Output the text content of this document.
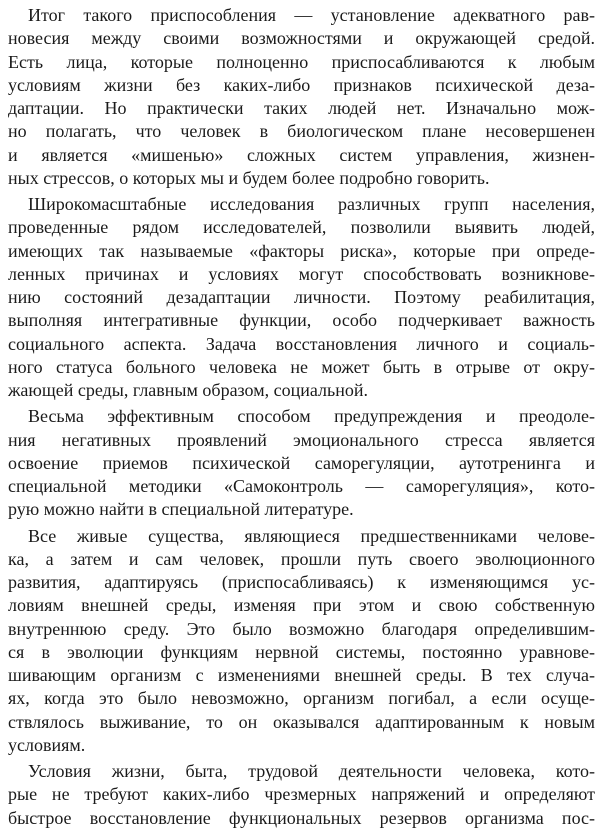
Итог такого приспособления — установление адекватного рав-
новесия между своими возможностями и окружающей средой.
Есть лица, которые полноценно приспосабливаются к любым
условиям жизни без каких-либо признаков психической деза-
даптации. Но практически таких людей нет. Изначально мож-
но полагать, что человек в биологическом плане несовершенен
и является «мишенью» сложных систем управления, жизнен-
ных стрессов, о которых мы и будем более подробно говорить.
Широкомасштабные исследования различных групп населения,
проведенные рядом исследователей, позволили выявить людей,
имеющих так называемые «факторы риска», которые при опреде-
ленных причинах и условиях могут способствовать возникнове-
нию состояний дезадаптации личности. Поэтому реабилитация,
выполняя интегративные функции, особо подчеркивает важность
социального аспекта. Задача восстановления личного и социаль-
ного статуса больного человека не может быть в отрыве от окру-
жающей среды, главным образом, социальной.
Весьма эффективным способом предупреждения и преодоле-
ния негативных проявлений эмоционального стресса является
освоение приемов психической саморегуляции, аутотренинга и
специальной методики «Самоконтроль — саморегуляция», кото-
рую можно найти в специальной литературе.
Все живые существа, являющиеся предшественниками челове-
ка, а затем и сам человек, прошли путь своего эволюционного
развития, адаптируясь (приспосабливаясь) к изменяющимся ус-
ловиям внешней среды, изменяя при этом и свою собственную
внутреннюю среду. Это было возможно благодаря определившим-
ся в эволюции функциям нервной системы, постоянно уравнове-
шивающим организм с изменениями внешней среды. В тех случа-
ях, когда это было невозможно, организм погибал, а если осуще-
ствлялось выживание, то он оказывался адаптированным к новым
условиям.
Условия жизни, быта, трудовой деятельности человека, кото-
рые не требуют каких-либо чрезмерных напряжений и определяют
быстрое восстановление функциональных резервов организма пос-
